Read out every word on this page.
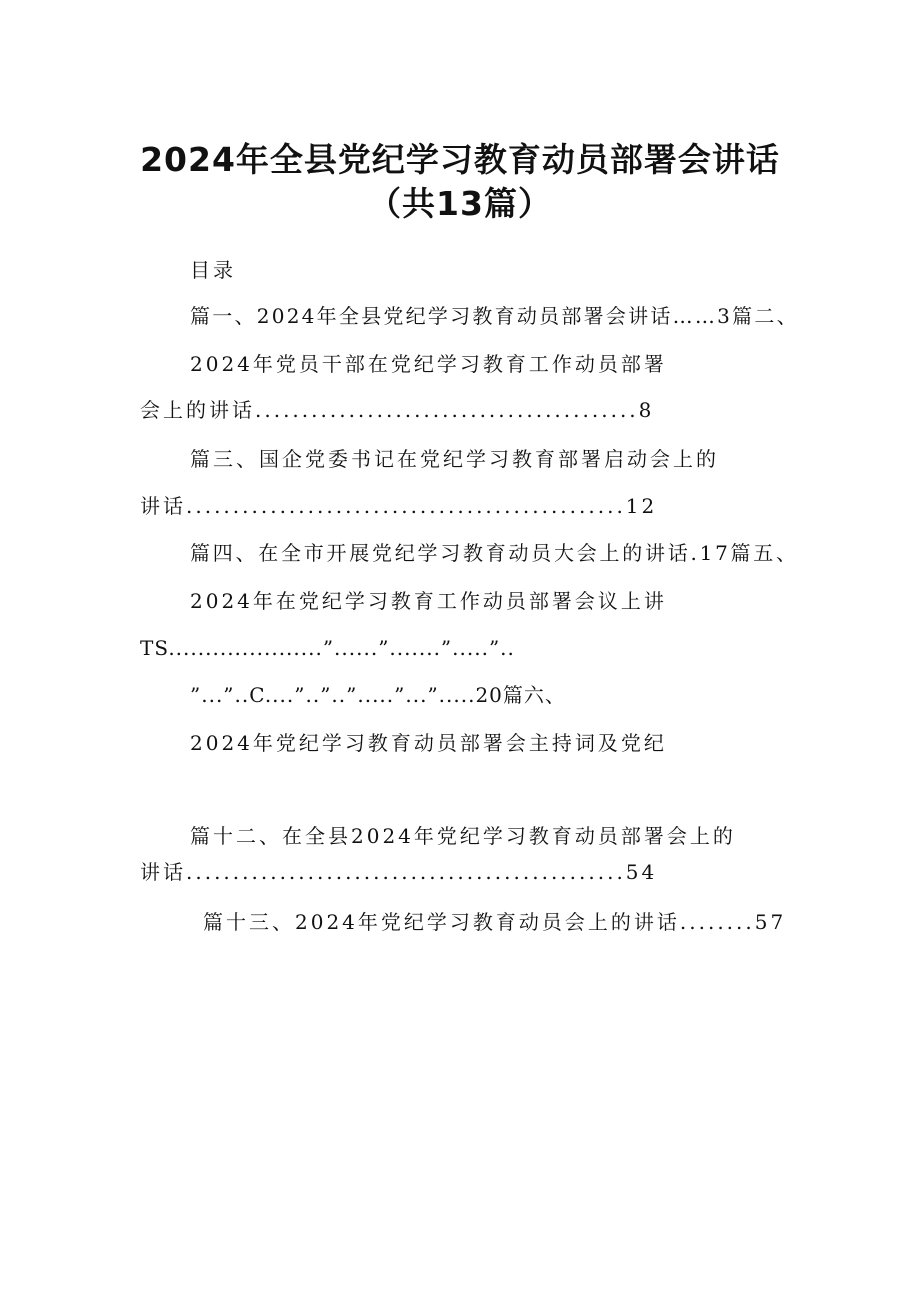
2024年全县党纪学习教育动员部署会讲话
（共13篇）
目录
篇一、2024年全县党纪学习教育动员部署会讲话……3篇二、
2024年党员干部在党纪学习教育工作动员部署
会上的讲话.........................................8
篇三、国企党委书记在党纪学习教育部署启动会上的
讲话...............................................12
篇四、在全市开展党纪学习教育动员大会上的讲话.17篇五、
2024年在党纪学习教育工作动员部署会议上讲
TS.....................”......”.......”.....”..
”...”..C....”..”..”.....”...”.....20篇六、
2024年党纪学习教育动员部署会主持词及党纪
篇十二、在全县2024年党纪学习教育动员部署会上的
讲话...............................................54
篇十三、2024年党纪学习教育动员会上的讲话........57
